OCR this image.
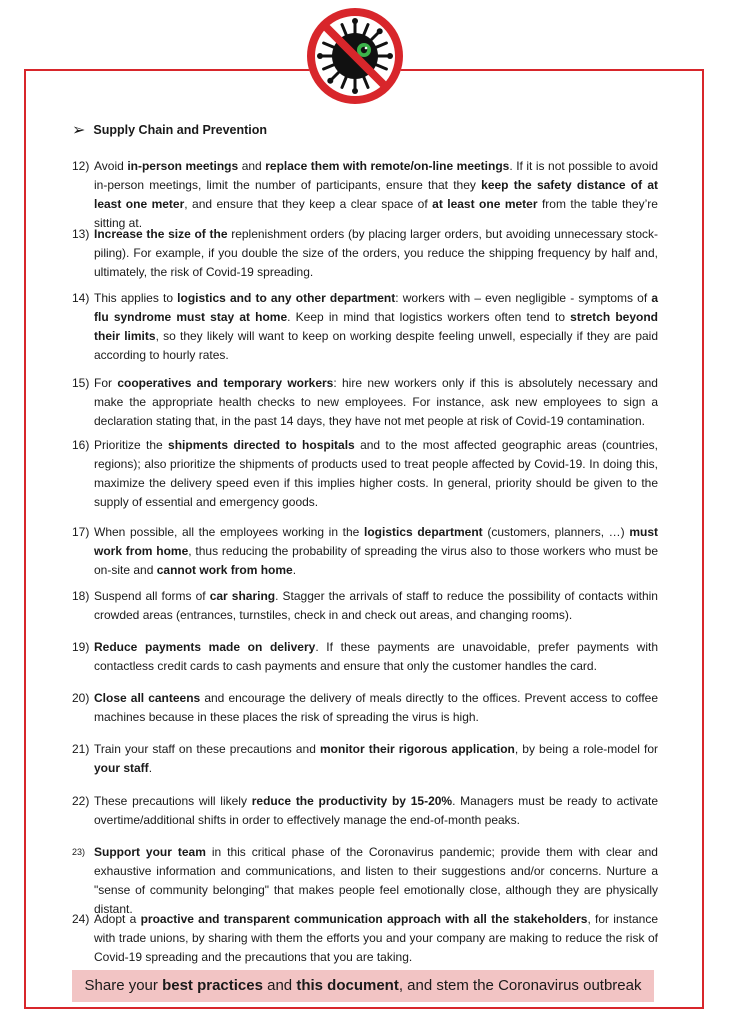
➢ Supply Chain and Prevention
12) Avoid in-person meetings and replace them with remote/on-line meetings. If it is not possible to avoid in-person meetings, limit the number of participants, ensure that they keep the safety distance of at least one meter, and ensure that they keep a clear space of at least one meter from the table they’re sitting at.
13) Increase the size of the replenishment orders (by placing larger orders, but avoiding unnecessary stock-piling). For example, if you double the size of the orders, you reduce the shipping frequency by half and, ultimately, the risk of Covid-19 spreading.
14) This applies to logistics and to any other department: workers with – even negligible - symptoms of a flu syndrome must stay at home. Keep in mind that logistics workers often tend to stretch beyond their limits, so they likely will want to keep on working despite feeling unwell, especially if they are paid according to hourly rates.
15) For cooperatives and temporary workers: hire new workers only if this is absolutely necessary and make the appropriate health checks to new employees. For instance, ask new employees to sign a declaration stating that, in the past 14 days, they have not met people at risk of Covid-19 contamination.
16) Prioritize the shipments directed to hospitals and to the most affected geographic areas (countries, regions); also prioritize the shipments of products used to treat people affected by Covid-19. In doing this, maximize the delivery speed even if this implies higher costs. In general, priority should be given to the supply of essential and emergency goods.
17) When possible, all the employees working in the logistics department (customers, planners, …) must work from home, thus reducing the probability of spreading the virus also to those workers who must be on-site and cannot work from home.
18) Suspend all forms of car sharing. Stagger the arrivals of staff to reduce the possibility of contacts within crowded areas (entrances, turnstiles, check in and check out areas, and changing rooms).
19) Reduce payments made on delivery. If these payments are unavoidable, prefer payments with contactless credit cards to cash payments and ensure that only the customer handles the card.
20) Close all canteens and encourage the delivery of meals directly to the offices. Prevent access to coffee machines because in these places the risk of spreading the virus is high.
21) Train your staff on these precautions and monitor their rigorous application, by being a role-model for your staff.
22) These precautions will likely reduce the productivity by 15-20%. Managers must be ready to activate overtime/additional shifts in order to effectively manage the end-of-month peaks.
23) Support your team in this critical phase of the Coronavirus pandemic; provide them with clear and exhaustive information and communications, and listen to their suggestions and/or concerns. Nurture a "sense of community belonging" that makes people feel emotionally close, although they are physically distant.
24) Adopt a proactive and transparent communication approach with all the stakeholders, for instance with trade unions, by sharing with them the efforts you and your company are making to reduce the risk of Covid-19 spreading and the precautions that you are taking.
Share your best practices and this document, and stem the Coronavirus outbreak
